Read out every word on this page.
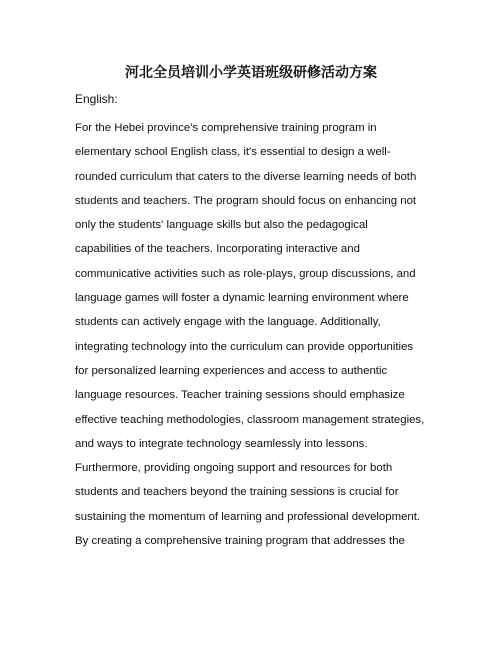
河北全员培训小学英语班级研修活动方案

English:

For the Hebei province's comprehensive training program in
elementary school English class, it's essential to design a well-
rounded curriculum that caters to the diverse learning needs of both
students and teachers. The program should focus on enhancing not
only the students' language skills but also the pedagogical
capabilities of the teachers. Incorporating interactive and
communicative activities such as role-plays, group discussions, and
language games will foster a dynamic learning environment where
students can actively engage with the language. Additionally,
integrating technology into the curriculum can provide opportunities
for personalized learning experiences and access to authentic
language resources. Teacher training sessions should emphasize
effective teaching methodologies, classroom management strategies,
and ways to integrate technology seamlessly into lessons.
Furthermore, providing ongoing support and resources for both
students and teachers beyond the training sessions is crucial for
sustaining the momentum of learning and professional development.
By creating a comprehensive training program that addresses the
